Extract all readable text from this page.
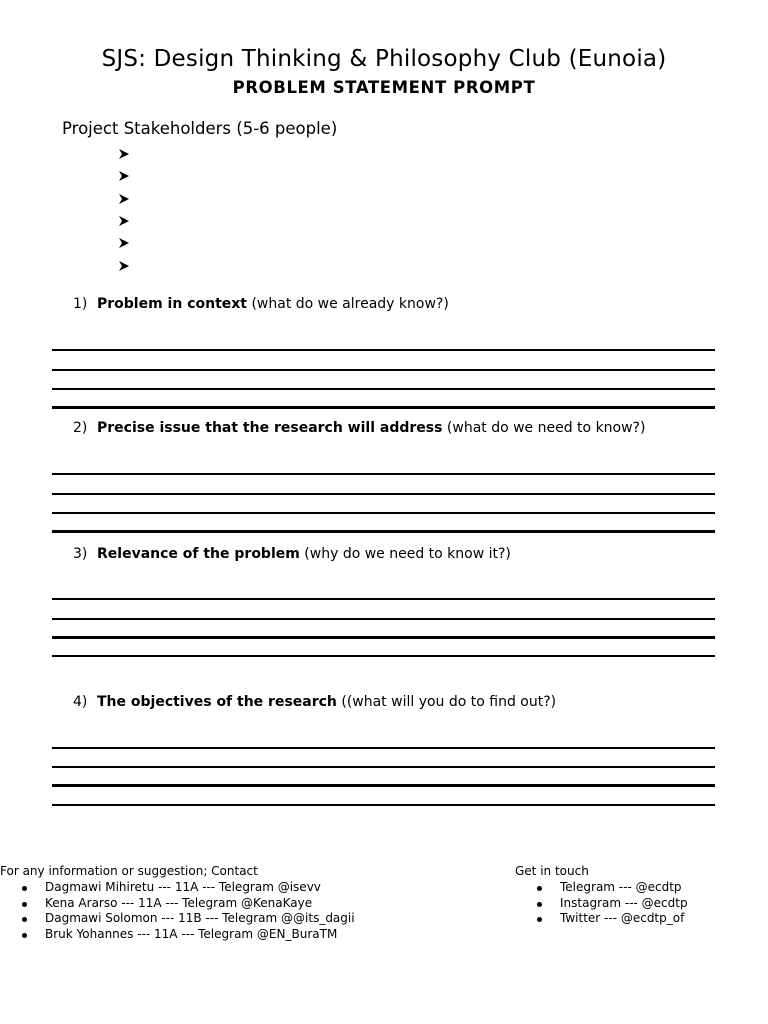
SJS: Design Thinking & Philosophy Club (Eunoia)
PROBLEM STATEMENT PROMPT
Project Stakeholders (5-6 people)
1) Problem in context (what do we already know?)
2) Precise issue that the research will address (what do we need to know?)
3) Relevance of the problem (why do we need to know it?)
4) The objectives of the research ((what will you do to find out?)
For any information or suggestion; Contact
Dagmawi Mihiretu --- 11A --- Telegram @isevv
Kena Ararso --- 11A --- Telegram @KenaKaye
Dagmawi Solomon --- 11B --- Telegram @@its_dagii
Bruk Yohannes --- 11A --- Telegram @EN_BuraTM
Get in touch
Telegram --- @ecdtp
Instagram --- @ecdtp
Twitter --- @ecdtp_of
